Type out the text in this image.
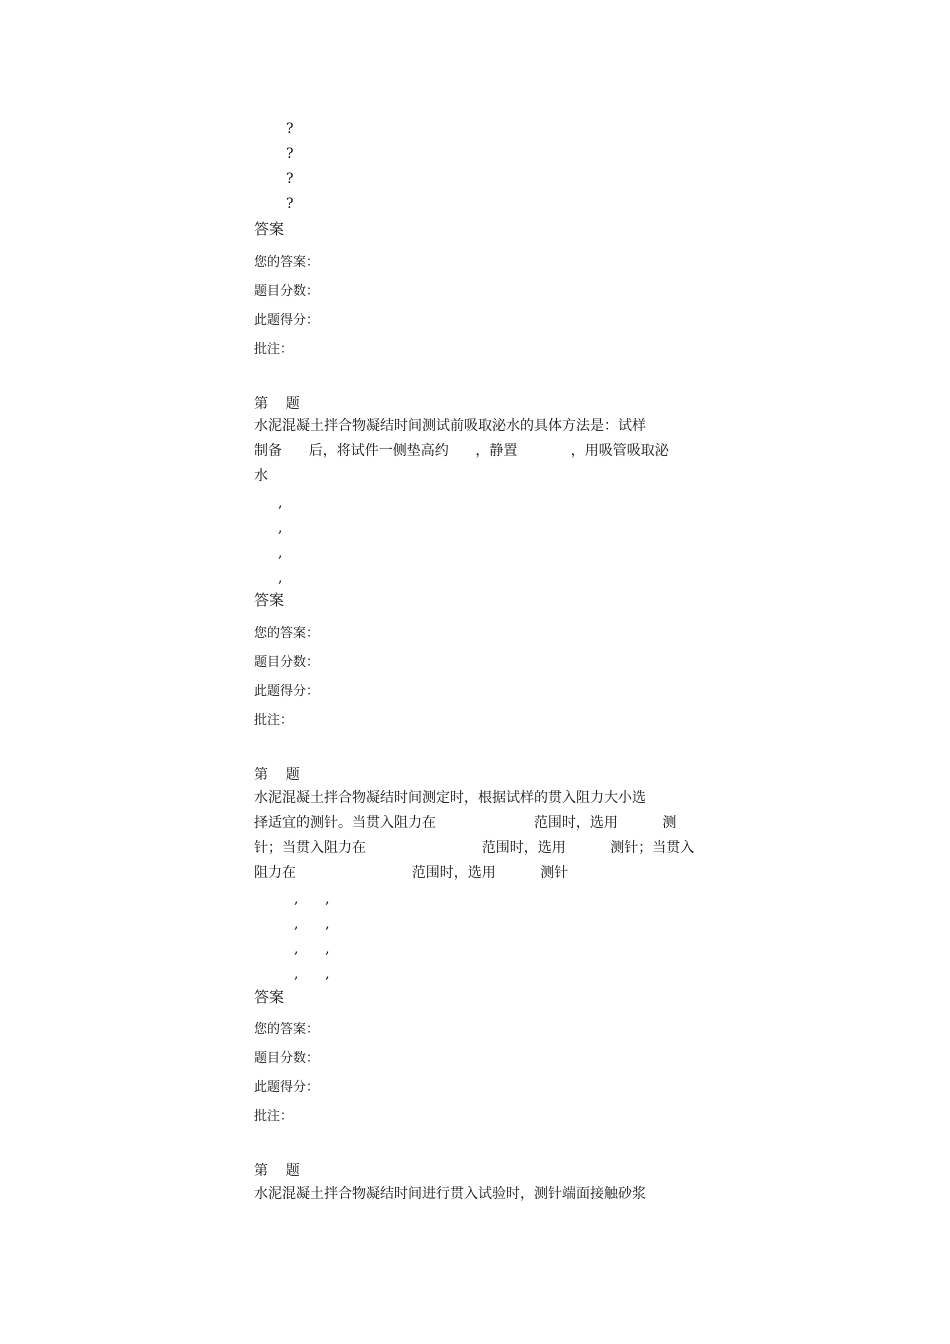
?
?
?
?
答案
您的答案：
题目分数：
此题得分：
批注：
第    题
水泥混凝土拌合物凝结时间测试前吸取泌水的具体方法是：试样
制备      后，将试件一侧垫高约      ，静置            ，用吸管吸取泌
水
,
,
,
,
答案
您的答案：
题目分数：
此题得分：
批注：
第    题
水泥混凝土拌合物凝结时间测定时，根据试样的贯入阻力大小选
择适宜的测针。当贯入阻力在                      范围时，选用          测
针；当贯入阻力在                          范围时，选用          测针；当贯入
阻力在                          范围时，选用          测针
,      ,
,      ,
,      ,
,      ,
答案
您的答案：
题目分数：
此题得分：
批注：
第    题
水泥混凝土拌合物凝结时间进行贯入试验时，测针端面接触砂浆
